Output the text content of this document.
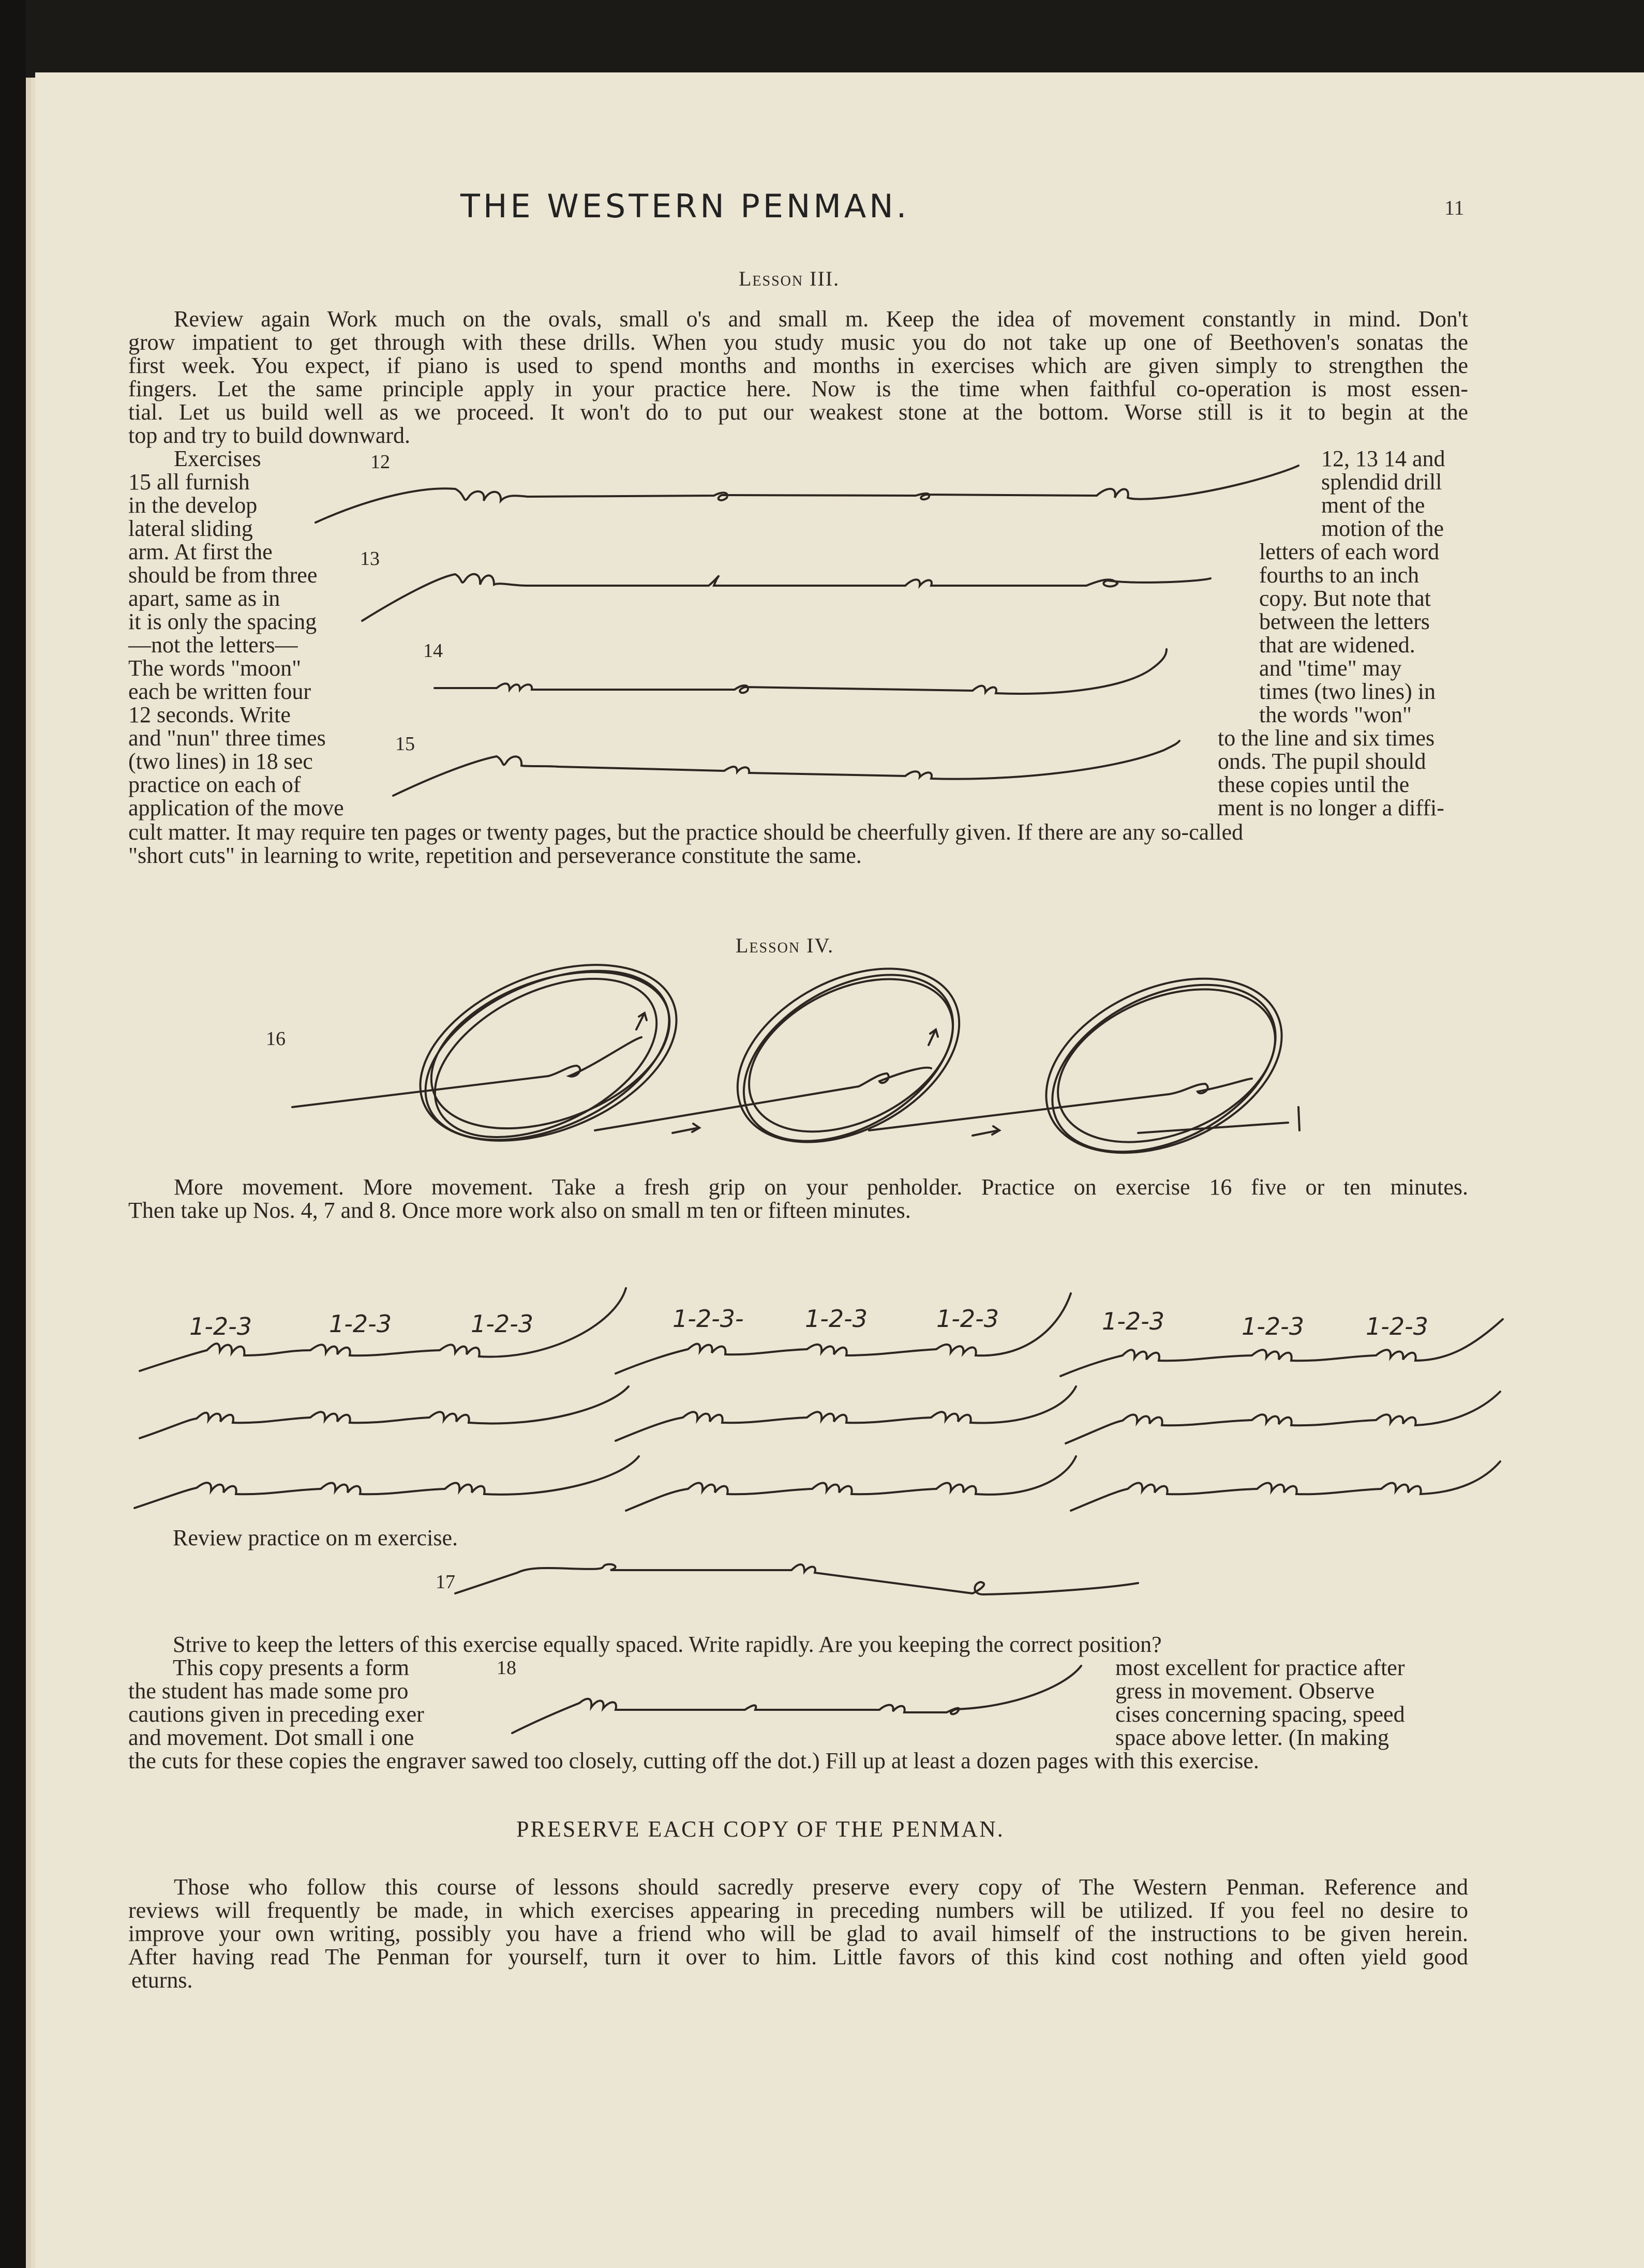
THE WESTERN PENMAN.	11
Lesson III.
Review again Work much on the ovals, small o's and small m. Keep the idea of movement constantly in mind. Don't
grow impatient to get through with these drills. When you study music you do not take up one of Beethoven's sonatas the
first week. You expect, if piano is used to spend months and months in exercises which are given simply to strengthen the
fingers. Let the same principle apply in your practice here. Now is the time when faithful co-operation is most essen-
tial. Let us build well as we proceed. It won't do to put our weakest stone at the bottom. Worse still is it to begin at the
top and try to build downward.
Exercises
15 all furnish
in the develop
lateral sliding
arm. At first the
should be from three
apart, same as in
it is only the spacing
—not the letters—
The words "moon"
each be written four
12 seconds. Write
and "nun" three times
(two lines) in 18 sec
practice on each of
application of the move
12, 13 14 and
splendid drill
ment of the
motion of the
letters of each word
fourths to an inch
copy. But note that
between the letters
that are widened.
and "time" may
times (two lines) in
the words "won"
to the line and six times
onds. The pupil should
these copies until the
ment is no longer a diffi-
cult matter. It may require ten pages or twenty pages, but the practice should be cheerfully given. If there are any so-called
"short cuts" in learning to write, repetition and perseverance constitute the same.
12
13
14
15
Lesson IV.
16
More movement. More movement. Take a fresh grip on your penholder. Practice on exercise 16 five or ten minutes.
Then take up Nos. 4, 7 and 8. Once more work also on small m ten or fifteen minutes.
1-2-3	1-2-3	1-2-3	1-2-3-	1-2-3	1-2-3	1-2-3	1-2-3	1-2-3
Review practice on m exercise.
17
Strive to keep the letters of this exercise equally spaced. Write rapidly. Are you keeping the correct position?
This copy presents a form
the student has made some pro
cautions given in preceding exer
and movement. Dot small i one
most excellent for practice after
gress in movement. Observe
cises concerning spacing, speed
space above letter. (In making
18
the cuts for these copies the engraver sawed too closely, cutting off the dot.) Fill up at least a dozen pages with this exercise.
PRESERVE EACH COPY OF THE PENMAN.
Those who follow this course of lessons should sacredly preserve every copy of The Western Penman. Reference and
reviews will frequently be made, in which exercises appearing in preceding numbers will be utilized. If you feel no desire to
improve your own writing, possibly you have a friend who will be glad to avail himself of the instructions to be given herein.
After having read The Penman for yourself, turn it over to him. Little favors of this kind cost nothing and often yield good
eturns.
